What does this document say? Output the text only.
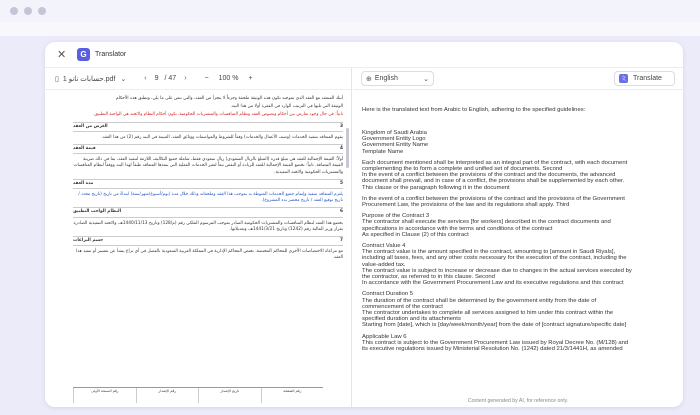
✕	G	Translator
▯ حسابات نانو 1.pdf ⌄	‹ 9 / 47 ›	− 100 % +

أبنك المنعقد مع العقد الذي بموجبه تكون هذه الوثيقة ملحقة وجزءاً لا يتجزأ من العقد، والتي تنص على ما يلي، وتطبق هذه الأحكام

الوثيقة التي تليها في الترتيب الوارد في الفقرة أولا من هذا البند.

ثانياً: في حال وجود تعارض بين أحكام ونصوص العقد ونظام المنافسات والمشتريات الحكومية، تكون أحكام النظام ولائحته هي الواجبة التطبيق.

3
الغرض من العقد

يقوم المتعاقد بتنفيذ الخدمات (وصف الأعمال والخدمات) وفقاً للشروط والمواصفات ووثائق العقد، المبينة في البند رقم (2) من هذا العقد.

4
قيمة العقد

أولاً: القيمة الإجمالية للعقد هي مبلغ قدره (المبلغ بالريال السعودي) ريال سعودي فقط، شاملة جميع التكاليف اللازمة لتنفيذ العقد، بما في ذلك ضريبة القيمة المضافة. ثانياً: تخضع القيمة الإجمالية للعقد للزيادة أو النقص تبعاً لتغير الخدمات الفعلية التي ينفذها المتعاقد طبقاً لهذا البند ووفقاً لنظام المنافسات والمشتريات الحكومية ولائحته التنفيذية.

5
مدة العقد

يلتزم المتعاقد بتنفيذ وإتمام جميع الخدمات المنوطة به بموجب هذا العقد وملحقاته وذلك خلال مدة (يوم/أسبوع/شهر/سنة) ابتداءً من تاريخ (تاريخ محدد / تاريخ توقيع العقد / تاريخ محضر بدء المشروع).

6
النظام الواجب التطبيق

يخضع هذا العقد لنظام المنافسات والمشتريات الحكومية الصادر بموجب المرسوم الملكي رقم (م/128) وتاريخ 1440/11/13هـ، ولائحته التنفيذية الصادرة بقرار وزير المالية رقم (1242) وتاريخ 1441/3/21هـ، وتعديلاتها.

7
حسم النزاعات

مع مراعاة الاختصاصات الأخرى للمحاكم المختصة، تختص المحاكم الإدارية في المملكة العربية السعودية بالفصل في أي نزاع ينشأ عن تفسير أو تنفيذ هذا العقد.

رقم الصفحة
تاريخ الإصدار
رقم الإصدار
رقم النسخة الأولى
⊕ English	⌄	文 Translate
Here is the translated text from Arabic to English, adhering to the specified guidelines:
Kingdom of Saudi Arabia
Government Entity Logo
Government Entity Name
Template Name
Each document mentioned shall be interpreted as an integral part of the contract, with each document complementing the to form a complete and unified set of documents. Second
In the event of a conflict between the provisions of the contract and the documents, the advanced document shall prevail, and in case of a conflict, the provisions shall be supplemented by each other. This clause or the paragraph following it in the document
In the event of a conflict between the provisions of the contract and the provisions of the Government Procurement Law, the provisions of the law and its regulations shall apply. Third
Purpose of the Contract 3
The contractor shall execute the services [for workers] described in the contract documents and specifications in accordance with the terms and conditions of the contract
As specified in Clause (2) of this contract
Contract Value 4
The contract value is the amount specified in the contract, amounting to [amount in Saudi Riyals], including all taxes, fees, and any other costs necessary for the execution of the contract, including the value-added tax.
The contract value is subject to increase or decrease due to changes in the actual services executed by the contractor, as referred to in this clause. Second
In accordance with the Government Procurement Law and its executive regulations and this contract
Contract Duration 5
The duration of the contract shall be determined by the government entity from the date of commencement of the contract
The contractor undertakes to complete all services assigned to him under this contract within the specified duration and its attachments
Starting from [date], which is [day/week/month/year] from the date of [contract signature/specific date]
Applicable Law 6
This contract is subject to the Government Procurement Law issued by Royal Decree No. (M/128) and its executive regulations issued by Ministerial Resolution No. (1242) dated 21/3/1441H, as amended
Content generated by AI, for reference only.
